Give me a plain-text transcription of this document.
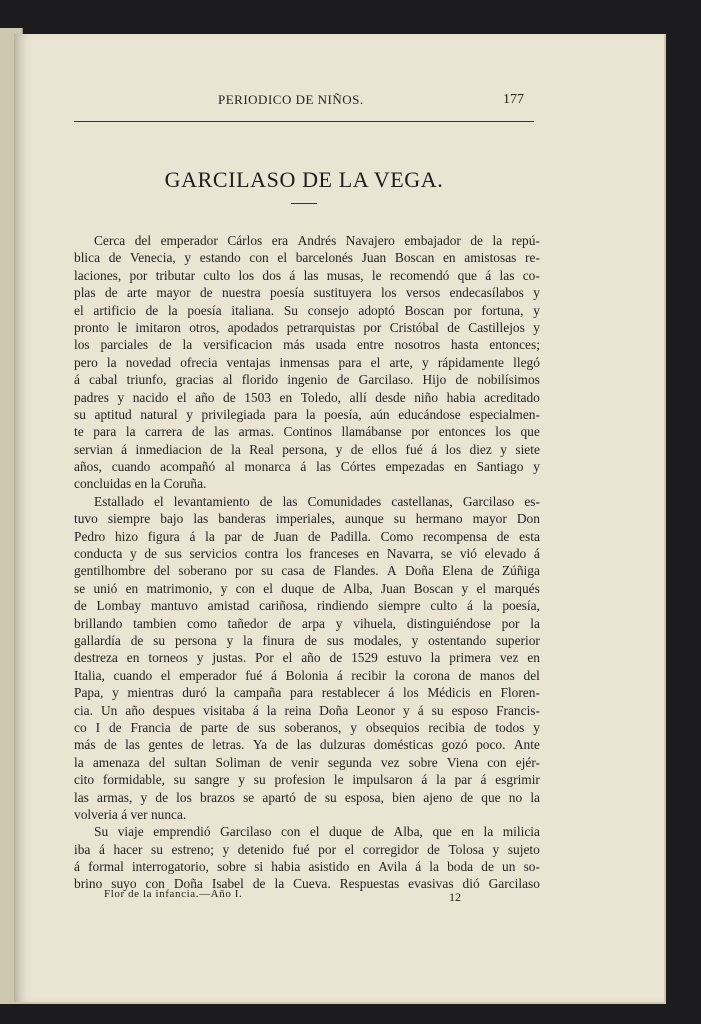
PERIODICO DE NIÑOS.	177
GARCILASO DE LA VEGA.
Cerca del emperador Cárlos era Andrés Navajero embajador de la repú-
blica de Venecia, y estando con el barcelonés Juan Boscan en amistosas re-
laciones, por tributar culto los dos á las musas, le recomendó que á las co-
plas de arte mayor de nuestra poesía sustituyera los versos endecasílabos y
el artificio de la poesía italiana. Su consejo adoptó Boscan por fortuna, y
pronto le imitaron otros, apodados petrarquistas por Cristóbal de Castillejos y
los parciales de la versificacion más usada entre nosotros hasta entonces;
pero la novedad ofrecia ventajas inmensas para el arte, y rápidamente llegó
á cabal triunfo, gracias al florido ingenio de Garcilaso. Hijo de nobilísimos
padres y nacido el año de 1503 en Toledo, allí desde niño habia acreditado
su aptitud natural y privilegiada para la poesía, aún educándose especialmen-
te para la carrera de las armas. Continos llamábanse por entonces los que
servian á inmediacion de la Real persona, y de ellos fué á los diez y siete
años, cuando acompañó al monarca á las Córtes empezadas en Santiago y
concluidas en la Coruña.
Estallado el levantamiento de las Comunidades castellanas, Garcilaso es-
tuvo siempre bajo las banderas imperiales, aunque su hermano mayor Don
Pedro hizo figura á la par de Juan de Padilla. Como recompensa de esta
conducta y de sus servicios contra los franceses en Navarra, se vió elevado á
gentilhombre del soberano por su casa de Flandes. A Doña Elena de Zúñiga
se unió en matrimonio, y con el duque de Alba, Juan Boscan y el marqués
de Lombay mantuvo amistad cariñosa, rindiendo siempre culto á la poesía,
brillando tambien como tañedor de arpa y vihuela, distinguiéndose por la
gallardía de su persona y la finura de sus modales, y ostentando superior
destreza en torneos y justas. Por el año de 1529 estuvo la primera vez en
Italia, cuando el emperador fué á Bolonia á recibir la corona de manos del
Papa, y mientras duró la campaña para restablecer á los Médicis en Floren-
cia. Un año despues visitaba á la reina Doña Leonor y á su esposo Francis-
co I de Francia de parte de sus soberanos, y obsequios recibia de todos y
más de las gentes de letras. Ya de las dulzuras domésticas gozó poco. Ante
la amenaza del sultan Soliman de venir segunda vez sobre Viena con ejér-
cito formidable, su sangre y su profesion le impulsaron á la par á esgrimir
las armas, y de los brazos se apartó de su esposa, bien ajeno de que no la
volveria á ver nunca.
Su viaje emprendió Garcilaso con el duque de Alba, que en la milicia
iba á hacer su estreno; y detenido fué por el corregidor de Tolosa y sujeto
á formal interrogatorio, sobre si habia asistido en Avila á la boda de un so-
brino suyo con Doña Isabel de la Cueva. Respuestas evasivas dió Garcilaso
Flor de la infancia.—Año I.	12
